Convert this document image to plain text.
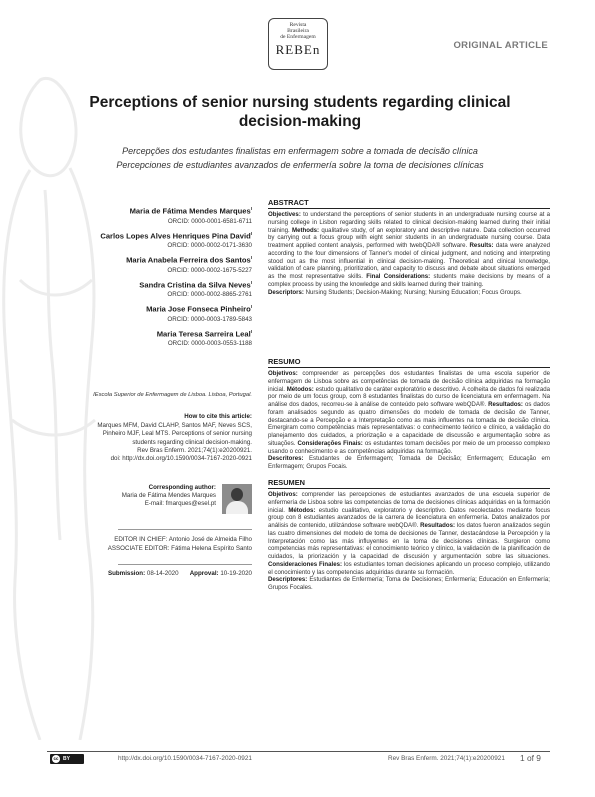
Revista
Brasileira
de Enfermagem
REBEn	ORIGINAL ARTICLE
Perceptions of senior nursing students regarding clinical decision-making
Percepções dos estudantes finalistas em enfermagem sobre a tomada de decisão clínica
Percepciones de estudiantes avanzados de enfermería sobre la toma de decisiones clínicas
Maria de Fátima Mendes Marques$^I$
ORCID: 0000-0001-6581-6711
Carlos Lopes Alves Henriques Pina David$^I$
ORCID: 0000-0002-0171-3630
Maria Anabela Ferreira dos Santos$^I$
ORCID: 0000-0002-1675-5227
Sandra Cristina da Silva Neves$^I$
ORCID: 0000-0002-8865-2761
Maria Jose Fonseca Pinheiro$^I$
ORCID: 0000-0003-1789-5843
Maria Teresa Sarreira Leal$^I$
ORCID: 0000-0003-0553-1188
IEscola Superior de Enfermagem de Lisboa. Lisboa, Portugal.
How to cite this article:
Marques MFM, David CLAHP, Santos MAF, Neves SCS,
Pinheiro MJF, Leal MTS. Perceptions of senior nursing
students regarding clinical decision-making.
Rev Bras Enferm. 2021;74(1):e20200921.
doi: http://dx.doi.org/10.1590/0034-7167-2020-0921
Corresponding author:
Maria de Fátima Mendes Marques
E-mail: fmarques@esel.pt
EDITOR IN CHIEF: Antonio José de Almeida Filho
ASSOCIATE EDITOR: Fátima Helena Espírito Santo
Submission: 08-14-2020 Approval: 10-19-2020
ABSTRACT

Objectives: to understand the perceptions of senior students in an undergraduate nursing course at a nursing college in Lisbon regarding skills related to clinical decision-making learned during their initial training. Methods: qualitative study, of an exploratory and descriptive nature. Data collection occurred by carrying out a focus group with eight senior students in an undergraduate nursing course. Data treatment applied content analysis, performed with twebQDA® software. Results: data were analyzed according to the four dimensions of Tanner's model of clinical judgment, and noticing and interpreting stood out as the most influential in clinical decision-making. Theoretical and clinical knowledge, validation of care planning, prioritization, and capacity to discuss and debate about situations emerged as the most representative skills. Final Considerations: students make decisions by means of a complex process by using the knowledge and skills learned during their training.
Descriptors: Nursing Students; Decision-Making; Nursing; Nursing Education; Focus Groups.

RESUMO

Objetivos: compreender as percepções dos estudantes finalistas de uma escola superior de enfermagem de Lisboa sobre as competências de tomada de decisão clínica adquiridas na formação inicial. Métodos: estudo qualitativo de caráter exploratório e descritivo. A colheita de dados foi realizada por meio de um focus group, com 8 estudantes finalistas do curso de licenciatura em enfermagem. Na análise dos dados, recorreu-se à análise de conteúdo pelo software webQDA®. Resultados: os dados foram analisados segundo as quatro dimensões do modelo de tomada de decisão de Tanner, destacando-se a Percepção e a Interpretação como as mais influentes na tomada de decisão clínica. Emergiram como competências mais representativas: o conhecimento teórico e clínico, a validação do planejamento dos cuidados, a priorização e a capacidade de discussão e argumentação sobre as situações. Considerações Finais: os estudantes tomam decisões por meio de um processo complexo usando o conhecimento e as competências adquiridas na formação.
Descritores: Estudantes de Enfermagem; Tomada de Decisão; Enfermagem; Educação em Enfermagem; Grupos Focais.

RESUMEN

Objetivos: comprender las percepciones de estudiantes avanzados de una escuela superior de enfermería de Lisboa sobre las competencias de toma de decisiones clínicas adquiridas en la formación inicial. Métodos: estudio cualitativo, exploratorio y descriptivo. Datos recolectados mediante focus group con 8 estudiantes avanzados de la carrera de licenciatura en enfermería. Datos analizados por análisis de contenido, utilizándose software webQDA®. Resultados: los datos fueron analizados según las cuatro dimensiones del modelo de toma de decisiones de Tanner, destacándose la Percepción y la Interpretación como las más influyentes en la toma de decisiones clínicas. Surgieron como competencias más representativas: el conocimiento teórico y clínico, la validación de la planificación de cuidados, la priorización y la capacidad de discusión y argumentación sobre las situaciones. Consideraciones Finales: los estudiantes toman decisiones aplicando un proceso complejo, utilizando el conocimiento y las competencias adquiridas durante su formación.
Descriptores: Estudiantes de Enfermería; Toma de Decisiones; Enfermería; Educación en Enfermería; Grupos Focales.

cc BY	http://dx.doi.org/10.1590/0034-7167-2020-0921	Rev Bras Enferm. 2021;74(1):e20200921 1 of 9
